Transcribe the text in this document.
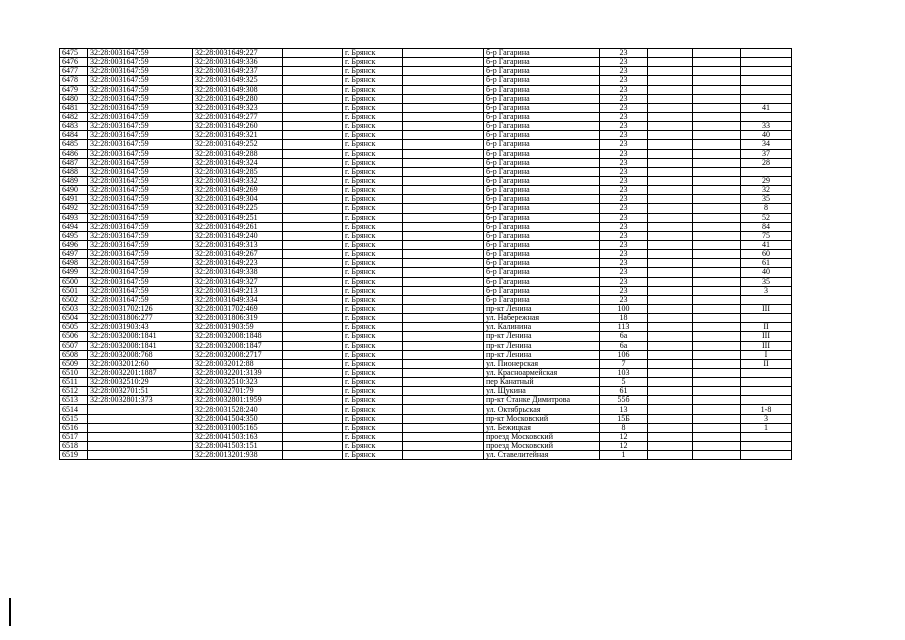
6475	32:28:0031647:59	32:28:0031649:227		г. Брянск		б-р Гагарина	23			
6476	32:28:0031647:59	32:28:0031649:336		г. Брянск		б-р Гагарина	23			
6477	32:28:0031647:59	32:28:0031649:237		г. Брянск		б-р Гагарина	23			
6478	32:28:0031647:59	32:28:0031649:325		г. Брянск		б-р Гагарина	23			
6479	32:28:0031647:59	32:28:0031649:308		г. Брянск		б-р Гагарина	23			
6480	32:28:0031647:59	32:28:0031649:280		г. Брянск		б-р Гагарина	23			
6481	32:28:0031647:59	32:28:0031649:323		г. Брянск		б-р Гагарина	23			41
6482	32:28:0031647:59	32:28:0031649:277		г. Брянск		б-р Гагарина	23			
6483	32:28:0031647:59	32:28:0031649:260		г. Брянск		б-р Гагарина	23			33
6484	32:28:0031647:59	32:28:0031649:321		г. Брянск		б-р Гагарина	23			40
6485	32:28:0031647:59	32:28:0031649:252		г. Брянск		б-р Гагарина	23			34
6486	32:28:0031647:59	32:28:0031649:288		г. Брянск		б-р Гагарина	23			37
6487	32:28:0031647:59	32:28:0031649:324		г. Брянск		б-р Гагарина	23			28
6488	32:28:0031647:59	32:28:0031649:285		г. Брянск		б-р Гагарина	23			
6489	32:28:0031647:59	32:28:0031649:332		г. Брянск		б-р Гагарина	23			29
6490	32:28:0031647:59	32:28:0031649:269		г. Брянск		б-р Гагарина	23			32
6491	32:28:0031647:59	32:28:0031649:304		г. Брянск		б-р Гагарина	23			35
6492	32:28:0031647:59	32:28:0031649:225		г. Брянск		б-р Гагарина	23			8
6493	32:28:0031647:59	32:28:0031649:251		г. Брянск		б-р Гагарина	23			52
6494	32:28:0031647:59	32:28:0031649:261		г. Брянск		б-р Гагарина	23			84
6495	32:28:0031647:59	32:28:0031649:240		г. Брянск		б-р Гагарина	23			75
6496	32:28:0031647:59	32:28:0031649:313		г. Брянск		б-р Гагарина	23			41
6497	32:28:0031647:59	32:28:0031649:267		г. Брянск		б-р Гагарина	23			60
6498	32:28:0031647:59	32:28:0031649:223		г. Брянск		б-р Гагарина	23			61
6499	32:28:0031647:59	32:28:0031649:338		г. Брянск		б-р Гагарина	23			40
6500	32:28:0031647:59	32:28:0031649:327		г. Брянск		б-р Гагарина	23			35
6501	32:28:0031647:59	32:28:0031649:213		г. Брянск		б-р Гагарина	23			3
6502	32:28:0031647:59	32:28:0031649:334		г. Брянск		б-р Гагарина	23			
6503	32:28:0031702:126	32:28:0031702:469		г. Брянск		пр-кт Ленина	100			III
6504	32:28:0031806:277	32:28:0031806:319		г. Брянск		ул. Набережная	18			
6505	32:28:0031903:43	32:28:0031903:59		г. Брянск		ул. Калинина	113			II
6506	32:28:0032008:1841	32:28:0032008:1848		г. Брянск		пр-кт Ленина	6а			III
6507	32:28:0032008:1841	32:28:0032008:1847		г. Брянск		пр-кт Ленина	6а			III
6508	32:28:0032008:768	32:28:0032008:2717		г. Брянск		пр-кт Ленина	106			I
6509	32:28:0032012:60	32:28:0032012:88		г. Брянск		ул. Пионерская	7			II
6510	32:28:0032201:1887	32:28:0032201:3139		г. Брянск		ул. Красноармейская	103			
6511	32:28:0032510:29	32:28:0032510:323		г. Брянск		пер Канатный	5			
6512	32:28:0032701:51	32:28:0032701:79		г. Брянск		ул. Щукина	61			
6513	32:28:0032801:373	32:28:0032801:1959		г. Брянск		пр-кт Станке Димитрова	55б			
6514		32:28:0031528:240		г. Брянск		ул. Октябрьская	13			1-8
6515		32:28:0041504:350		г. Брянск		пр-кт Московский	15Б			3
6516		32:28:0031005:165		г. Брянск		ул. Бежицкая	8			1
6517		32:28:0041503:163		г. Брянск		проезд Московский	12			
6518		32:28:0041503:151		г. Брянск		проезд Московский	12			
6519		32:28:0013201:938		г. Брянск		ул. Ставелитейная	1			
